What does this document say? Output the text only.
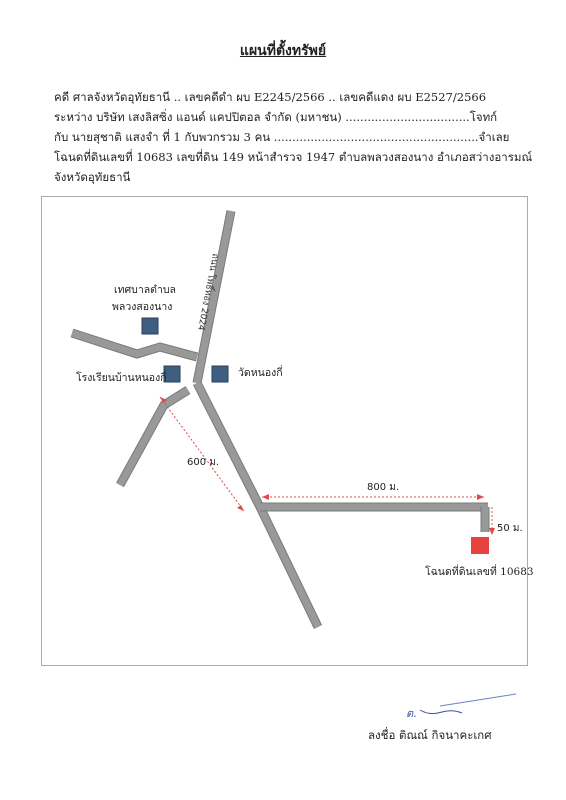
แผนที่ตั้งทรัพย์
คดี ศาลจังหวัดอุทัยธานี .. เลขคดีดำ ผบ E2245/2566 .. เลขคดีแดง ผบ E2527/2566
ระหว่าง บริษัท เสงลิสซิ่ง แอนด์ แคปปิตอล จำกัด (มหาชน) ..................................โจทก์
กับ นายสุชาติ แสงจำ ที่ 1 กับพวกรวม 3 คน ........................................................จำเลย
โฉนดที่ดินเลขที่ 10683 เลขที่ดิน 149 หน้าสำรวจ 1947 ตำบลพลวงสองนาง อำเภอสว่างอารมณ์
จังหวัดอุทัยธานี
ถนน โพธิ์ทอง 2024
เทศบาลตำบล
พลวงสองนาง
โรงเรียนบ้านหนองกี่	วัดหนองกี่
600 ม.
800 ม.
50 ม.
โฉนดที่ดินเลขที่ 10683
ต.
ลงชื่อ ติณณ์ กิจนาคะเกศ
